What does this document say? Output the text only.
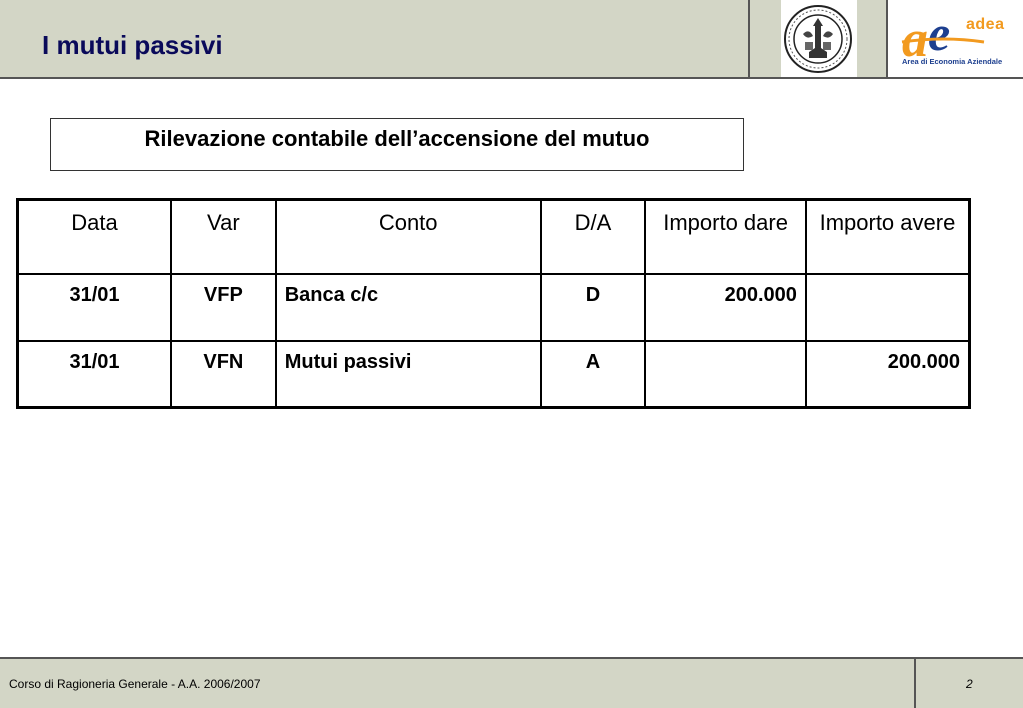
I mutui passivi	a e adea
Area di Economia Aziendale
Rilevazione contabile dell’accensione del mutuo
Data	Var	Conto	D/A	Importo dare	Importo avere
31/01	VFP	Banca c/c	D	200.000	
31/01	VFN	Mutui passivi	A		200.000
Corso di Ragioneria Generale - A.A. 2006/2007	2
